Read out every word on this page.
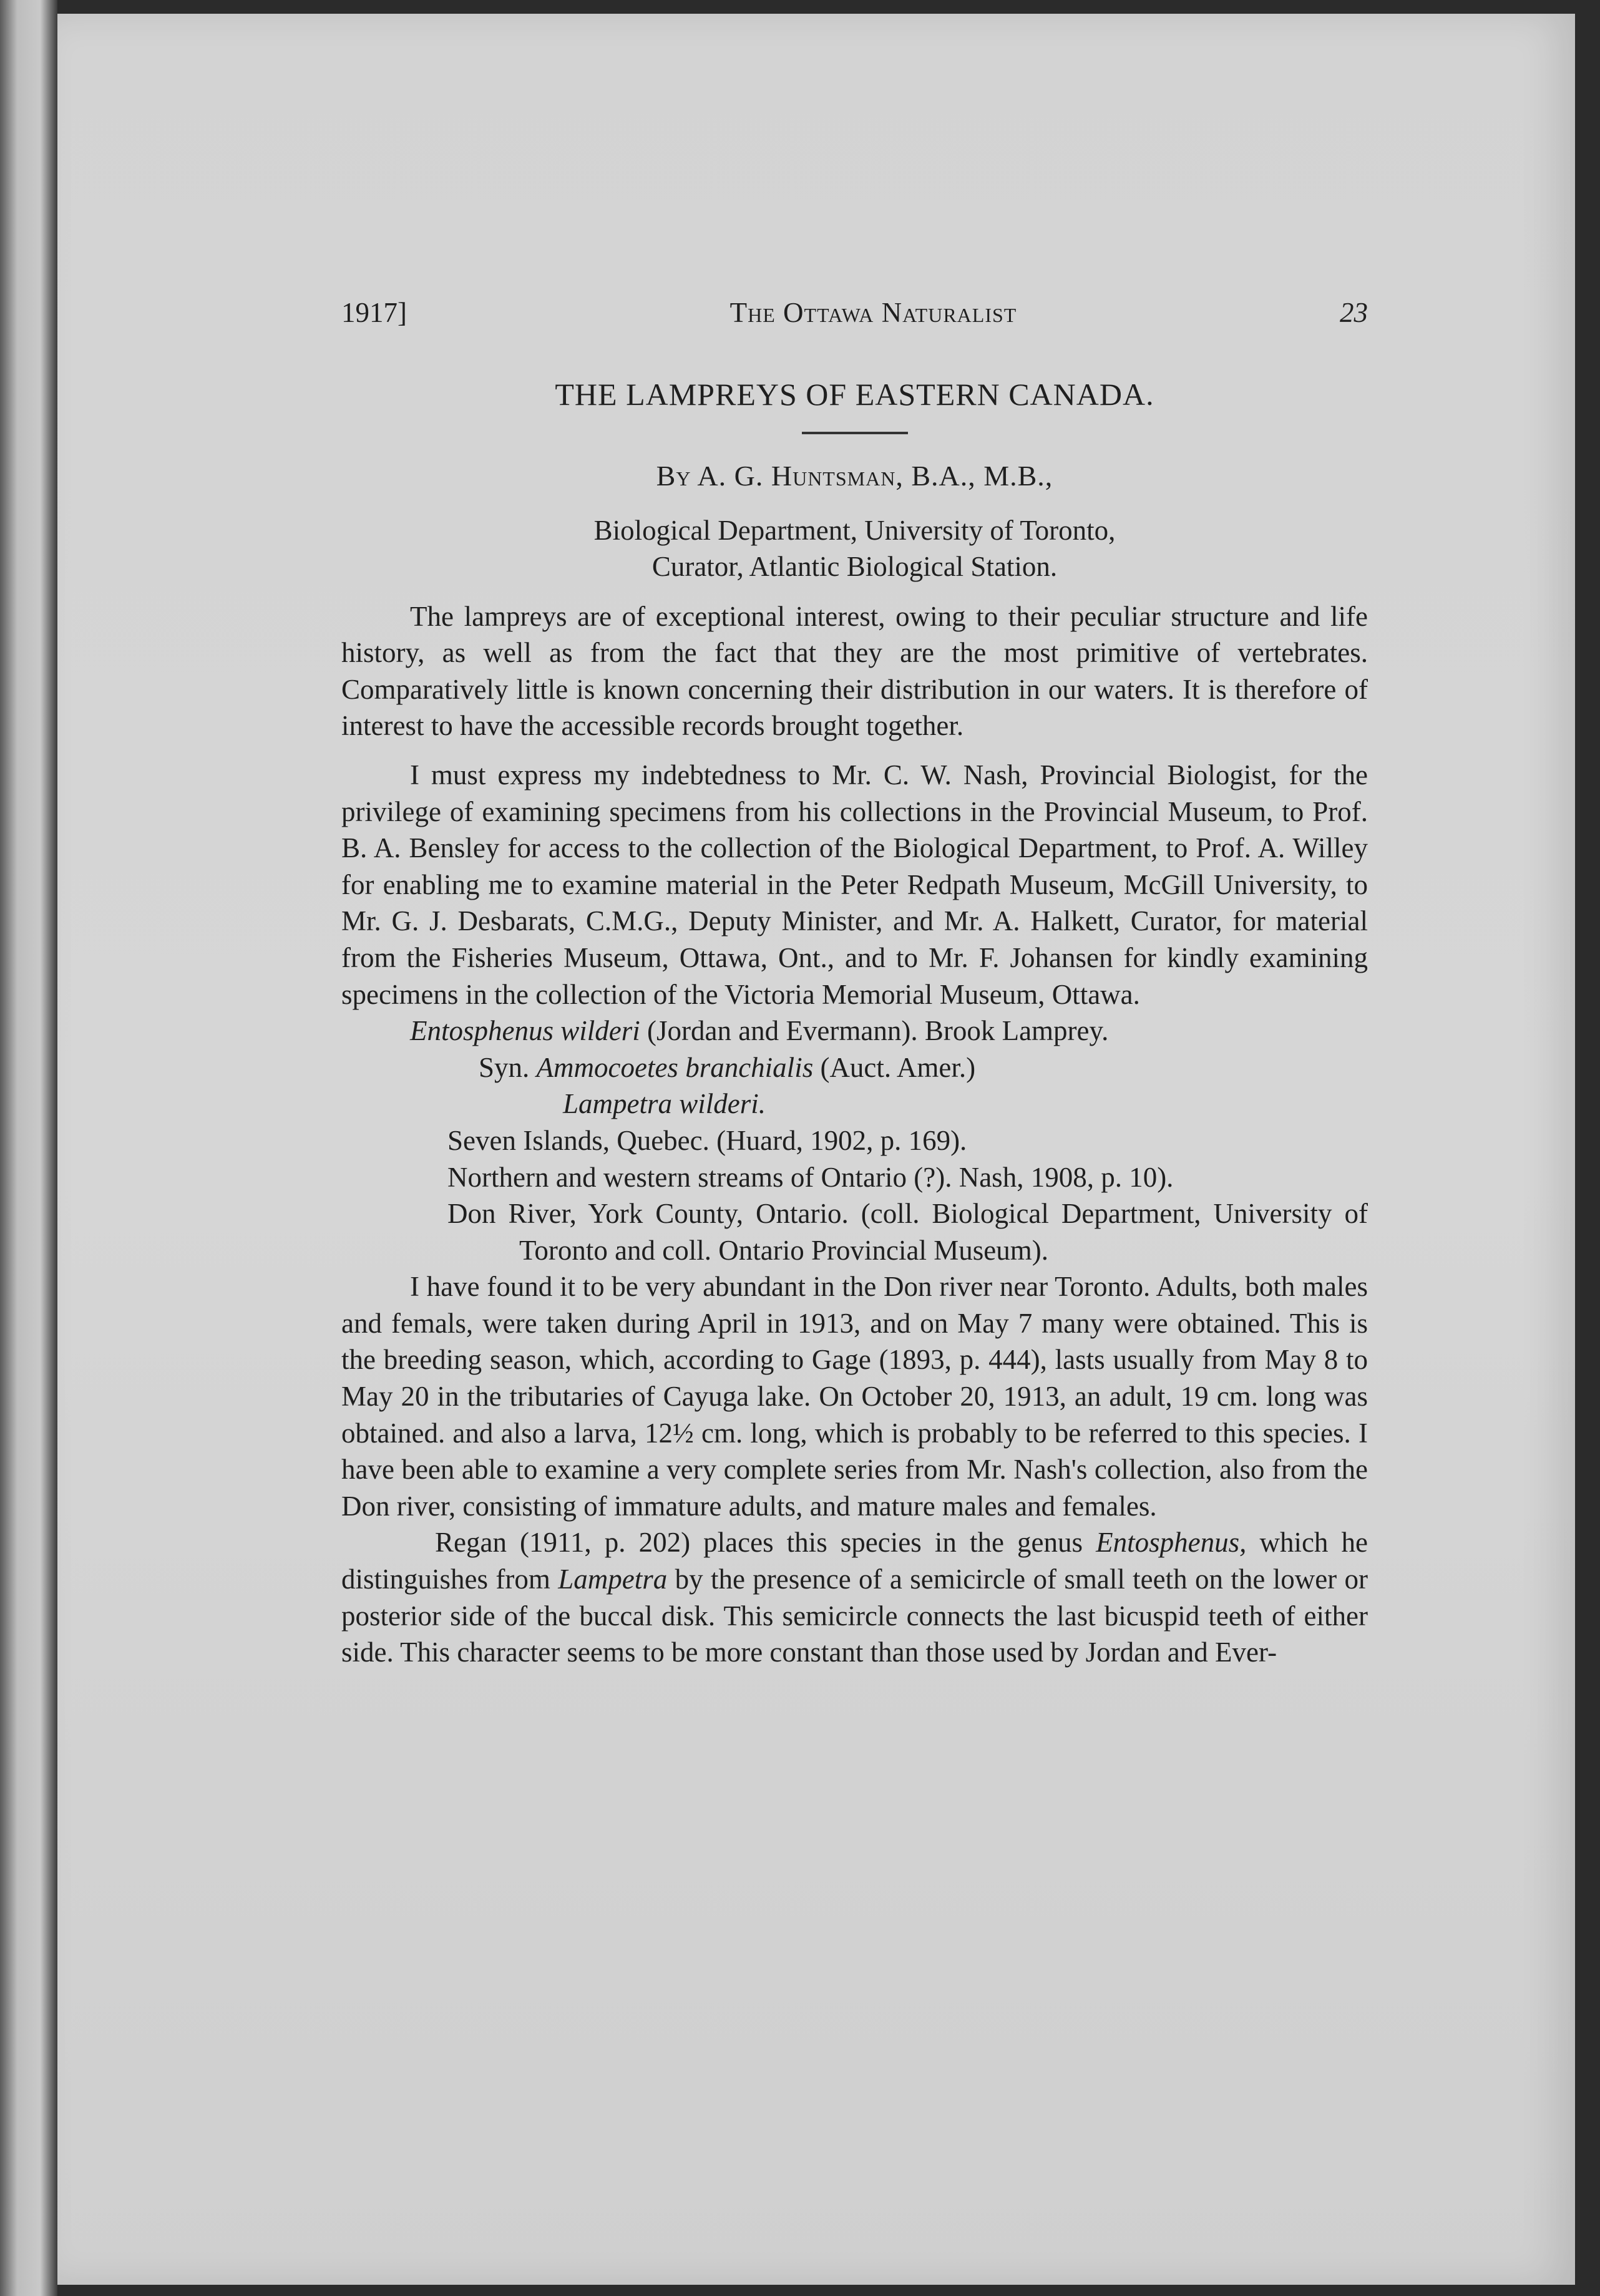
1917]	The Ottawa Naturalist	23
THE LAMPREYS OF EASTERN CANADA.
By A. G. Huntsman, B.A., M.B.,
Biological Department, University of Toronto,
Curator, Atlantic Biological Station.

The lampreys are of exceptional interest, owing to their peculiar structure and life history, as well as from the fact that they are the most primitive of vertebrates. Comparatively little is known concerning their distribution in our waters. It is therefore of interest to have the accessible records brought together.

I must express my indebtedness to Mr. C. W. Nash, Provincial Biologist, for the privilege of examining specimens from his collections in the Provincial Museum, to Prof. B. A. Bensley for access to the collection of the Biological Department, to Prof. A. Willey for enabling me to examine material in the Peter Redpath Museum, McGill University, to Mr. G. J. Desbarats, C.M.G., Deputy Minister, and Mr. A. Halkett, Curator, for material from the Fisheries Museum, Ottawa, Ont., and to Mr. F. Johansen for kindly examining specimens in the collection of the Victoria Memorial Museum, Ottawa.

Entosphenus wilderi (Jordan and Evermann). Brook Lamprey.
Syn. Ammocoetes branchialis (Auct. Amer.)
Lampetra wilderi.
Seven Islands, Quebec. (Huard, 1902, p. 169).
Northern and western streams of Ontario (?). Nash, 1908, p. 10).
Don River, York County, Ontario. (coll. Biological Department, University of Toronto and coll. Ontario Provincial Museum).

I have found it to be very abundant in the Don river near Toronto. Adults, both males and femals, were taken during April in 1913, and on May 7 many were obtained. This is the breeding season, which, according to Gage (1893, p. 444), lasts usually from May 8 to May 20 in the tributaries of Cayuga lake. On October 20, 1913, an adult, 19 cm. long was obtained. and also a larva, 12½ cm. long, which is probably to be referred to this species. I have been able to examine a very complete series from Mr. Nash's collection, also from the Don river, consisting of immature adults, and mature males and females.

Regan (1911, p. 202) places this species in the genus Entosphenus, which he distinguishes from Lampetra by the presence of a semicircle of small teeth on the lower or posterior side of the buccal disk. This semicircle connects the last bicuspid teeth of either side. This character seems to be more constant than those used by Jordan and Ever-
